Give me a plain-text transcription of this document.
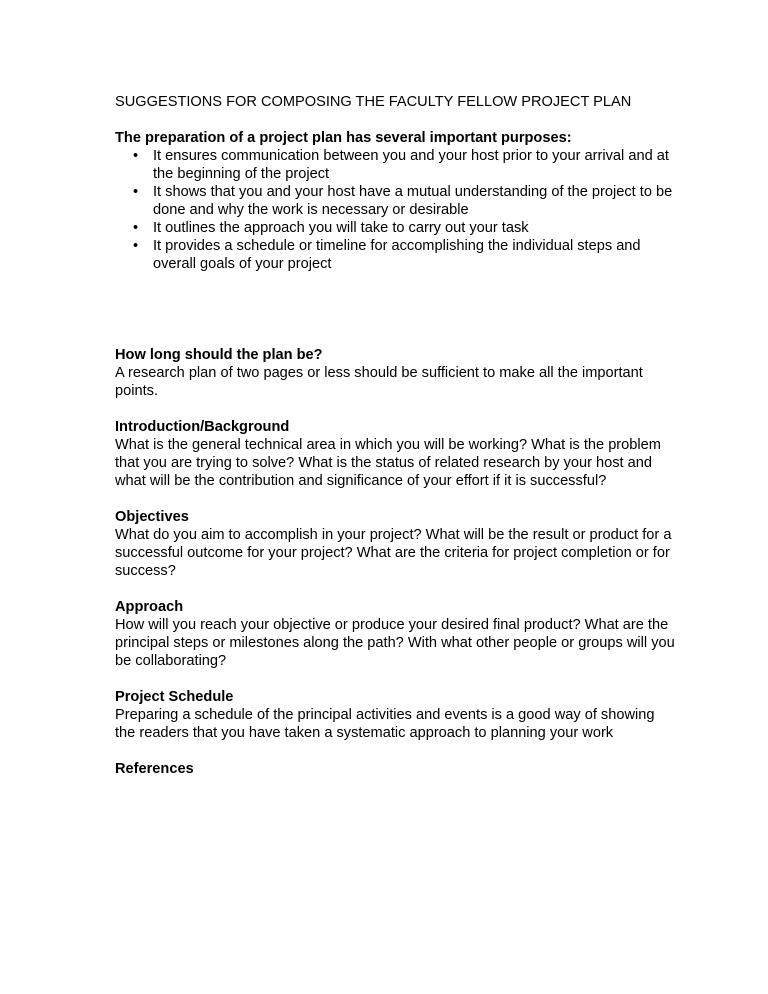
SUGGESTIONS FOR COMPOSING THE FACULTY FELLOW PROJECT PLAN
The preparation of a project plan has several important purposes:
• It ensures communication between you and your host prior to your arrival and at the beginning of the project
• It shows that you and your host have a mutual understanding of the project to be done and why the work is necessary or desirable
• It outlines the approach you will take to carry out your task
• It provides a schedule or timeline for accomplishing the individual steps and overall goals of your project
How long should the plan be?
A research plan of two pages or less should be sufficient to make all the important points.
Introduction/Background
What is the general technical area in which you will be working? What is the problem that you are trying to solve? What is the status of related research by your host and what will be the contribution and significance of your effort if it is successful?
Objectives
What do you aim to accomplish in your project? What will be the result or product for a successful outcome for your project? What are the criteria for project completion or for success?
Approach
How will you reach your objective or produce your desired final product? What are the principal steps or milestones along the path? With what other people or groups will you be collaborating?
Project Schedule
Preparing a schedule of the principal activities and events is a good way of showing the readers that you have taken a systematic approach to planning your work
References
